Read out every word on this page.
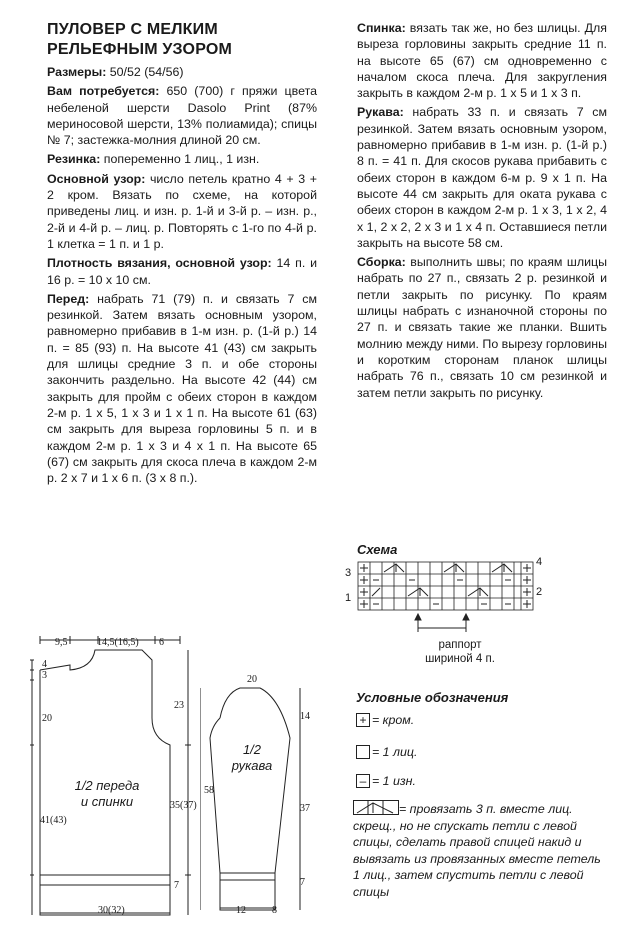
ПУЛОВЕР С МЕЛКИМ
РЕЛЬЕФНЫМ УЗОРОМ
Размеры: 50/52 (54/56)
Вам потребуется: 650 (700) г пряжи цвета небеленой шерсти Dasolo Print (87% мериносовой шерсти, 13% полиамида); спицы № 7; застежка-молния длиной 20 см.
Резинка: попеременно 1 лиц., 1 изн.
Основной узор: число петель кратно 4 + 3 + 2 кром. Вязать по схеме, на которой приведены лиц. и изн. р. 1-й и 3-й р. – изн. р., 2-й и 4-й р. – лиц. р. Повторять с 1-го по 4-й р. 1 клетка = 1 п. и 1 р.
Плотность вязания, основной узор: 14 п. и 16 р. = 10 х 10 см.
Перед: набрать 71 (79) п. и связать 7 см резинкой. Затем вязать основным узором, равномерно прибавив в 1-м изн. р. (1-й р.) 14 п. = 85 (93) п. На высоте 41 (43) см закрыть для шлицы средние 3 п. и обе стороны закончить раздельно. На высоте 42 (44) см закрыть для пройм с обеих сторон в каждом 2-м р. 1 х 5, 1 х 3 и 1 х 1 п. На высоте 61 (63) см закрыть для выреза горловины 5 п. и в каждом 2-м р. 1 х 3 и 4 х 1 п. На высоте 65 (67) см закрыть для скоса плеча в каждом 2-м р. 2 х 7 и 1 х 6 п. (3 х 8 п.).
Спинка: вязать так же, но без шлицы. Для выреза горловины закрыть средние 11 п. на высоте 65 (67) см одновременно с началом скоса плеча. Для закругления закрыть в каждом 2-м р. 1 х 5 и 1 х 3 п.
Рукава: набрать 33 п. и связать 7 см резинкой. Затем вязать основным узором, равномерно прибавив в 1-м изн. р. (1-й р.) 8 п. = 41 п. Для скосов рукава прибавить с обеих сторон в каждом 6-м р. 9 х 1 п. На высоте 44 см закрыть для оката рукава с обеих сторон в каждом 2-м р. 1 х 3, 1 х 2, 4 х 1, 2 х 2, 2 х 3 и 1 х 4 п. Оставшиеся петли закрыть на высоте 58 см.
Сборка: выполнить швы; по краям шлицы набрать по 27 п., связать 2 р. резинкой и петли закрыть по рисунку. По краям шлицы набрать с изнаночной стороны по 27 п. и связать такие же планки. Вшить молнию между ними. По вырезу горловины и коротким сторонам планок шлицы набрать 76 п., связать 10 см резинкой и затем петли закрыть по рисунку.
Схема
3
1
4
2
раппорт
шириной 4 п.
Условные обозначения
+ = кром.
= 1 лиц.
– = 1 изн.
= провязать 3 п. вместе лиц. скрещ., но не спускать петли с левой спицы, сделать правой спицей накид и вывязать из провязанных вместе петель 1 лиц., затем спустить петли с левой спицы
9,5	14,5(16,5) 6
4
3
20
23
41(43)
35(37)
7
30(32)
1/2 переда
и спинки
20
14
58
37
7
12	8
1/2
рукава
